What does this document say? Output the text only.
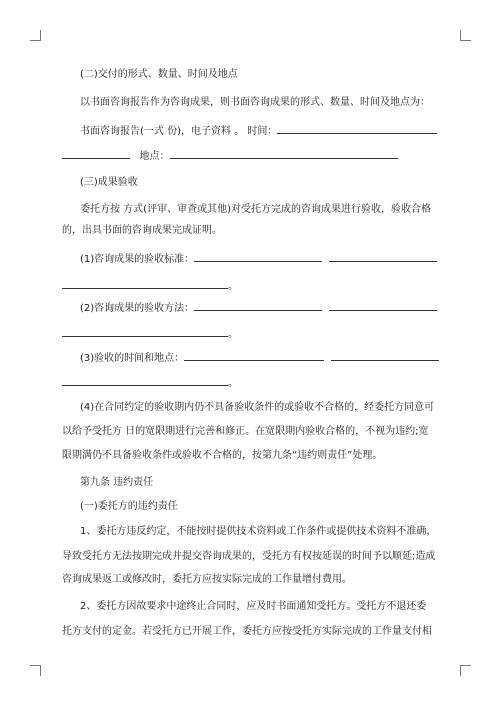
(二)交付的形式、数量、时间及地点
以书面咨询报告作为咨询成果，则书面咨询成果的形式、数量、时间及地点为：
书面咨询报告(一式 份)，电子资料 。 时间：
地点：
(三)成果验收
委托方按 方式(评审、审查或其他)对受托方完成的咨询成果进行验收，验收合格
的，出具书面的咨询成果完成证明。
(1)咨询成果的验收标准：
。
(2)咨询成果的验收方法：
。
(3)验收的时间和地点：
。
(4)在合同约定的验收期内仍不具备验收条件的或验收不合格的，经委托方同意可
以给予受托方 日的宽限期进行完善和修正。在宽限期内验收合格的，不视为违约;宽
限期满仍不具备验收条件或验收不合格的，按第九条“违约则责任”处理。
第九条 违约责任
(一)委托方的违约责任
1、委托方违反约定，不能按时提供技术资料或工作条件或提供技术资料不准确，
导致受托方无法按期完成并提交咨询成果的，受托方有权按延误的时间予以顺延;造成
咨询成果返工或修改时，委托方应按实际完成的工作量增付费用。
2、委托方因故要求中途终止合同时，应及时书面通知受托方。受托方不退还委
托方支付的定金。若受托方已开展工作，委托方应按受托方实际完成的工作量支付相
